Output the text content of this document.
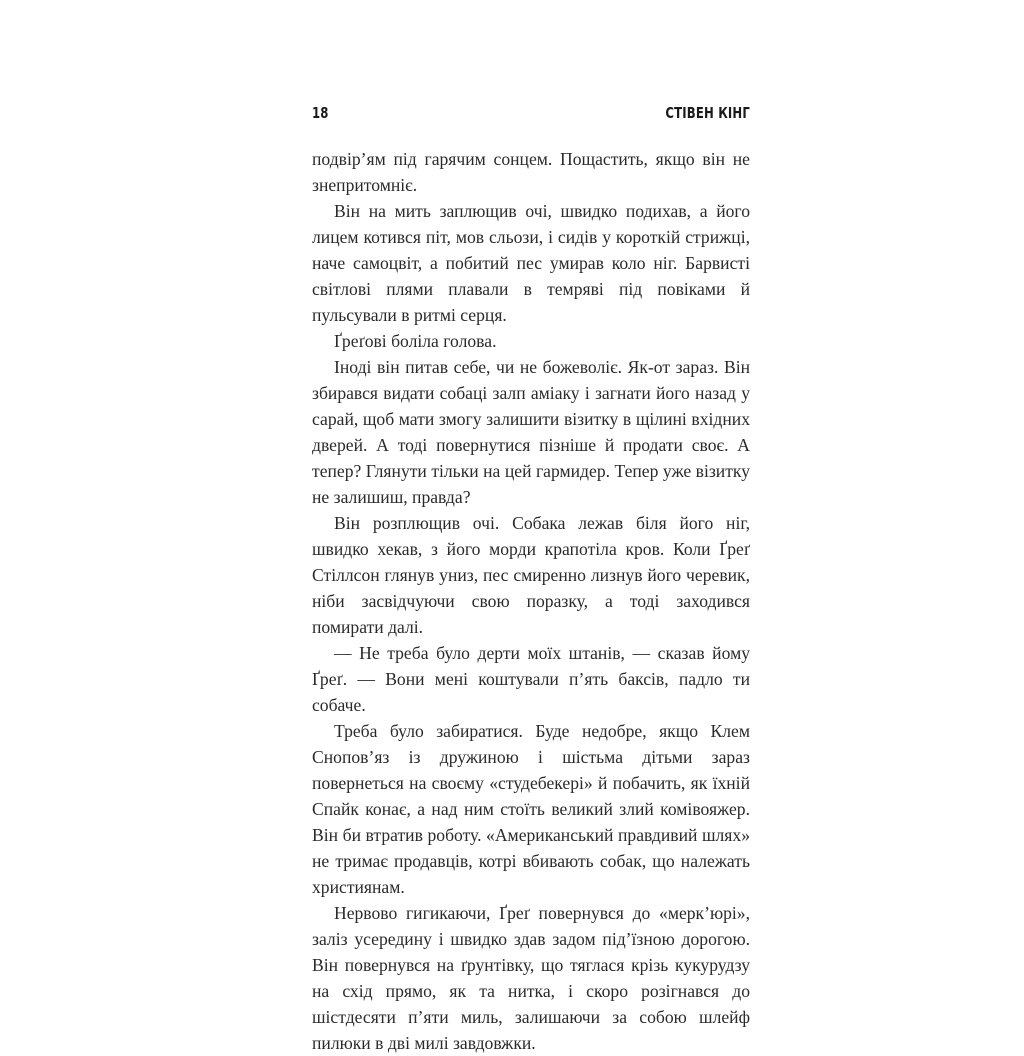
18	СТІВЕН КІНГ

подвір’ям під гарячим сонцем. Пощастить, якщо він не знепритомніє.

Він на мить заплющив очі, швидко подихав, а його лицем котився піт, мов сльози, і сидів у короткій стрижці, наче самоцвіт, а побитий пес умирав коло ніг. Барвисті світлові плями плавали в темряві під повіками й пульсували в ритмі серця.

Ґреґові боліла голова.

Іноді він питав себе, чи не божеволіє. Як-от зараз. Він збирався видати собаці залп аміаку і загнати його назад у сарай, щоб мати змогу залишити візитку в щілині вхідних дверей. А тоді повернутися пізніше й продати своє. А тепер? Глянути тільки на цей гармидер. Тепер уже візитку не залишиш, правда?

Він розплющив очі. Собака лежав біля його ніг, швидко хекав, з його морди крапотіла кров. Коли Ґреґ Стіллсон глянув униз, пес смиренно лизнув його черевик, ніби засвідчуючи свою поразку, а тоді заходився помирати далі.

— Не треба було дерти моїх штанів, — сказав йому Ґреґ. — Вони мені коштували п’ять баксів, падло ти собаче.

Треба було забиратися. Буде недобре, якщо Клем Снопов’яз із дружиною і шістьма дітьми зараз повернеться на своєму «студебекері» й побачить, як їхній Спайк конає, а над ним стоїть великий злий комівояжер. Він би втратив роботу. «Американський правдивий шлях» не тримає продавців, котрі вбивають собак, що належать християнам.

Нервово гигикаючи, Ґреґ повернувся до «мерк’юрі», заліз усередину і швидко здав задом під’їзною дорогою. Він повернувся на ґрунтівку, що тяглася крізь кукурудзу на схід прямо, як та нитка, і скоро розігнався до шістдесяти п’яти миль, залишаючи за собою шлейф пилюки в дві милі завдовжки.
